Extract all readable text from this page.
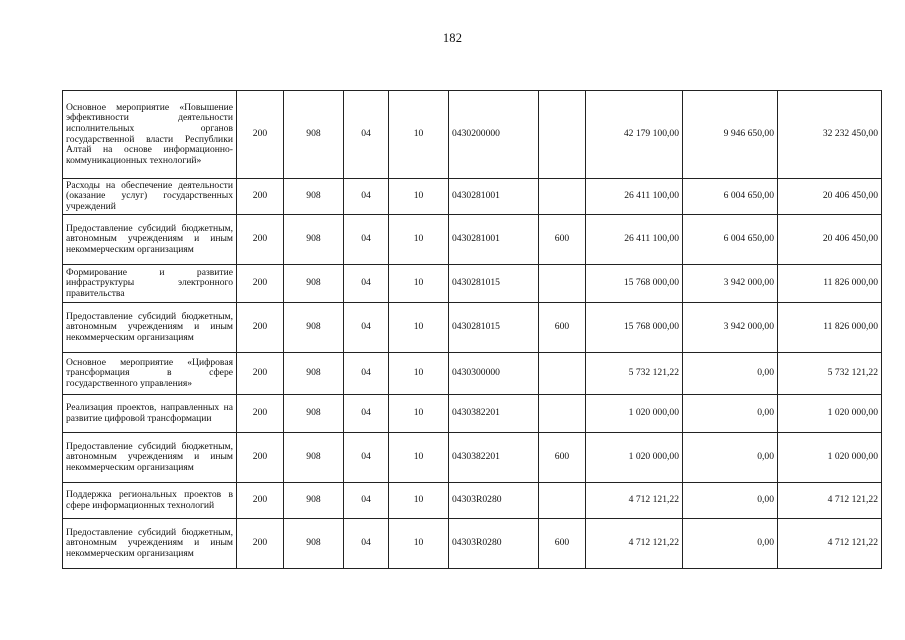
182
Основное мероприятие «Повышение эффективности деятельности исполнительных органов государственной власти Республики Алтай на основе информационно-коммуникационных технологий»	200	908	04	10	0430200000		42 179 100,00	9 946 650,00	32 232 450,00
Расходы на обеспечение деятельности (оказание услуг) государственных учреждений	200	908	04	10	0430281001		26 411 100,00	6 004 650,00	20 406 450,00
Предоставление субсидий бюджетным, автономным учреждениям и иным некоммерческим организациям	200	908	04	10	0430281001	600	26 411 100,00	6 004 650,00	20 406 450,00
Формирование и развитие инфраструктуры электронного правительства	200	908	04	10	0430281015		15 768 000,00	3 942 000,00	11 826 000,00
Предоставление субсидий бюджетным, автономным учреждениям и иным некоммерческим организациям	200	908	04	10	0430281015	600	15 768 000,00	3 942 000,00	11 826 000,00
Основное мероприятие «Цифровая трансформация в сфере государственного управления»	200	908	04	10	0430300000		5 732 121,22	0,00	5 732 121,22
Реализация проектов, направленных на развитие цифровой трансформации	200	908	04	10	0430382201		1 020 000,00	0,00	1 020 000,00
Предоставление субсидий бюджетным, автономным учреждениям и иным некоммерческим организациям	200	908	04	10	0430382201	600	1 020 000,00	0,00	1 020 000,00
Поддержка региональных проектов в сфере информационных технологий	200	908	04	10	04303R0280		4 712 121,22	0,00	4 712 121,22
Предоставление субсидий бюджетным, автономным учреждениям и иным некоммерческим организациям	200	908	04	10	04303R0280	600	4 712 121,22	0,00	4 712 121,22
